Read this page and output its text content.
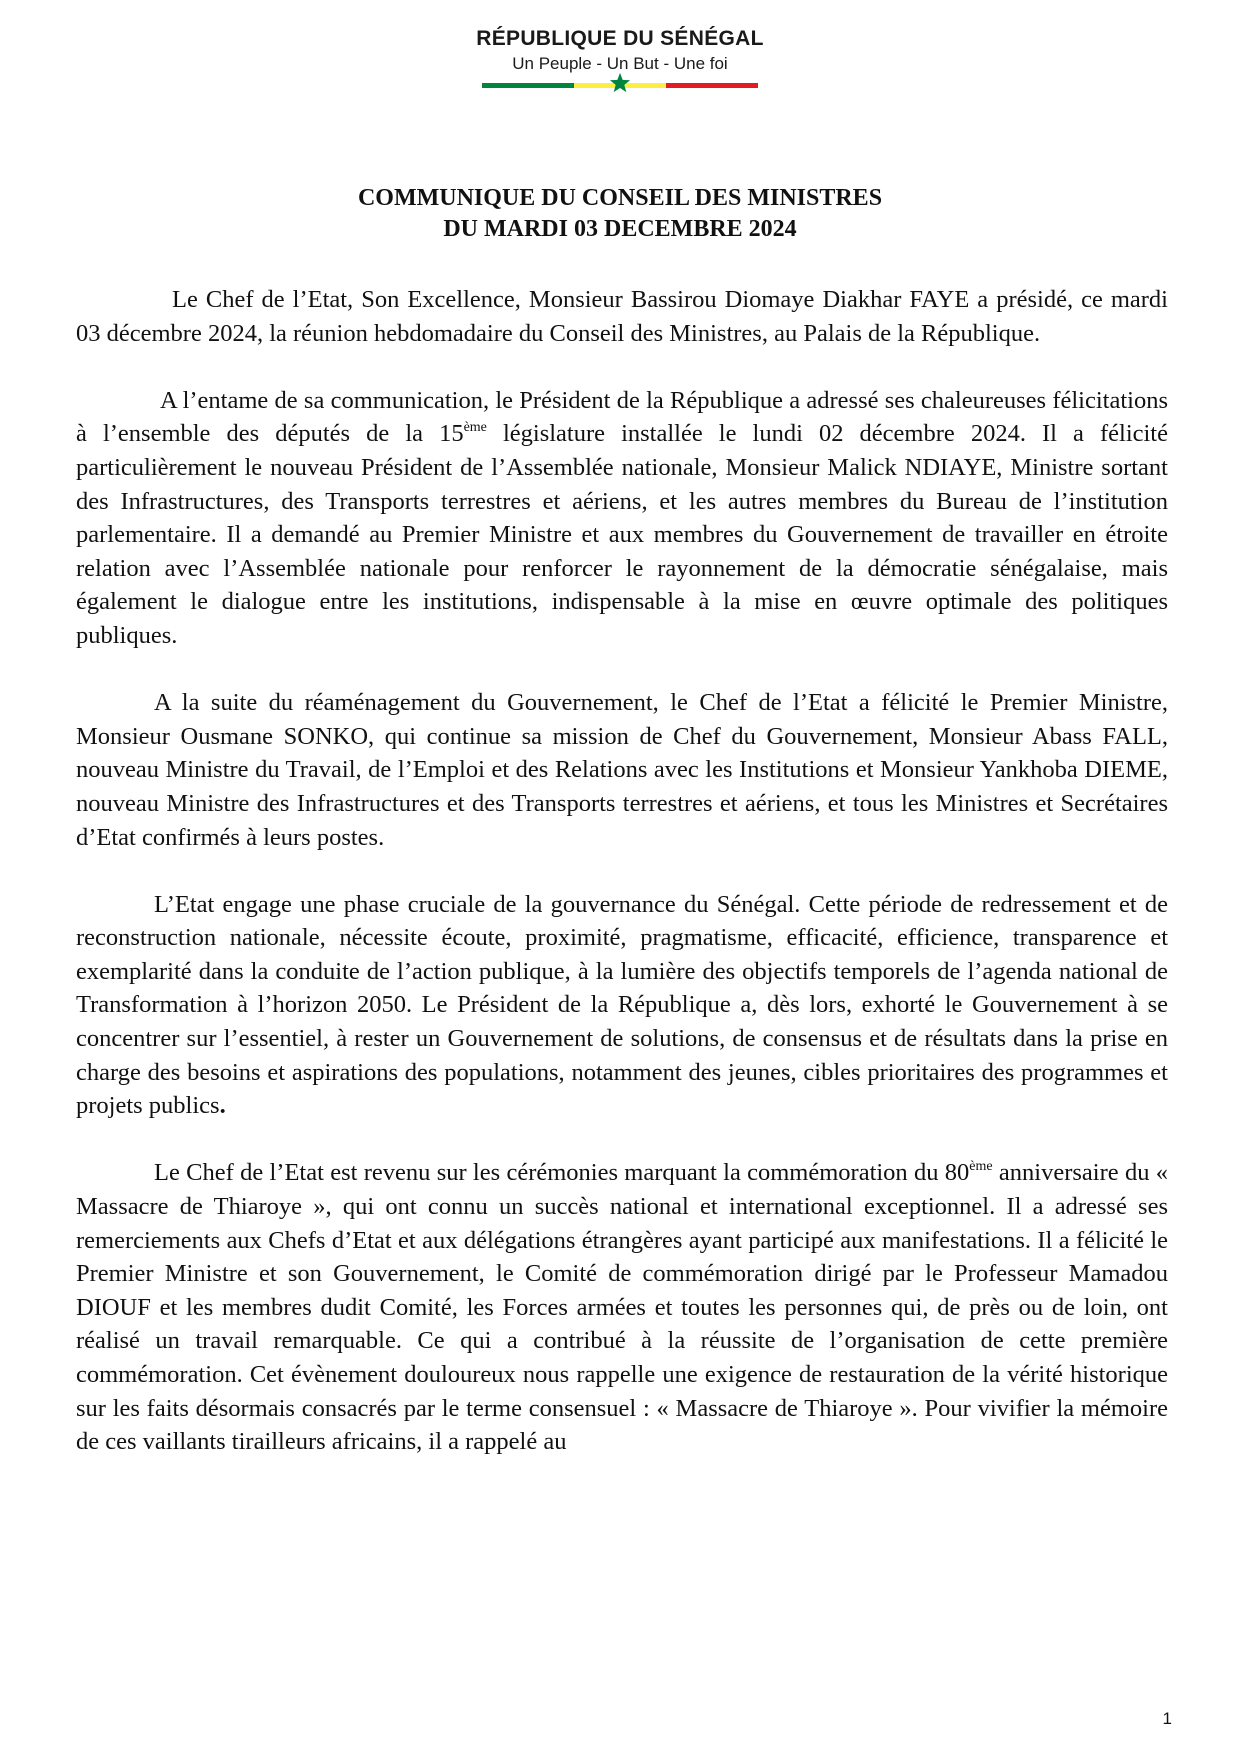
RÉPUBLIQUE DU SÉNÉGAL
Un Peuple - Un But - Une foi
COMMUNIQUE DU CONSEIL DES MINISTRES
DU MARDI 03 DECEMBRE 2024

Le Chef de l’Etat, Son Excellence, Monsieur Bassirou Diomaye Diakhar FAYE a présidé, ce mardi 03 décembre 2024, la réunion hebdomadaire du Conseil des Ministres, au Palais de la République.

A l’entame de sa communication, le Président de la République a adressé ses chaleureuses félicitations à l’ensemble des députés de la 15ème législature installée le lundi 02 décembre 2024. Il a félicité particulièrement le nouveau Président de l’Assemblée nationale, Monsieur Malick NDIAYE, Ministre sortant des Infrastructures, des Transports terrestres et aériens, et les autres membres du Bureau de l’institution parlementaire. Il a demandé au Premier Ministre et aux membres du Gouvernement de travailler en étroite relation avec l’Assemblée nationale pour renforcer le rayonnement de la démocratie sénégalaise, mais également le dialogue entre les institutions, indispensable à la mise en œuvre optimale des politiques publiques.

A la suite du réaménagement du Gouvernement, le Chef de l’Etat a félicité le Premier Ministre, Monsieur Ousmane SONKO, qui continue sa mission de Chef du Gouvernement, Monsieur Abass FALL, nouveau Ministre du Travail, de l’Emploi et des Relations avec les Institutions et Monsieur Yankhoba DIEME, nouveau Ministre des Infrastructures et des Transports terrestres et aériens, et tous les Ministres et Secrétaires d’Etat confirmés à leurs postes.

L’Etat engage une phase cruciale de la gouvernance du Sénégal. Cette période de redressement et de reconstruction nationale, nécessite écoute, proximité, pragmatisme, efficacité, efficience, transparence et exemplarité dans la conduite de l’action publique, à la lumière des objectifs temporels de l’agenda national de Transformation à l’horizon 2050. Le Président de la République a, dès lors, exhorté le Gouvernement à se concentrer sur l’essentiel, à rester un Gouvernement de solutions, de consensus et de résultats dans la prise en charge des besoins et aspirations des populations, notamment des jeunes, cibles prioritaires des programmes et projets publics.

Le Chef de l’Etat est revenu sur les cérémonies marquant la commémoration du 80ème anniversaire du « Massacre de Thiaroye », qui ont connu un succès national et international exceptionnel. Il a adressé ses remerciements aux Chefs d’Etat et aux délégations étrangères ayant participé aux manifestations. Il a félicité le Premier Ministre et son Gouvernement, le Comité de commémoration dirigé par le Professeur Mamadou DIOUF et les membres dudit Comité, les Forces armées et toutes les personnes qui, de près ou de loin, ont réalisé un travail remarquable. Ce qui a contribué à la réussite de l’organisation de cette première commémoration. Cet évènement douloureux nous rappelle une exigence de restauration de la vérité historique sur les faits désormais consacrés par le terme consensuel : « Massacre de Thiaroye ». Pour vivifier la mémoire de ces vaillants tirailleurs africains, il a rappelé au

1
